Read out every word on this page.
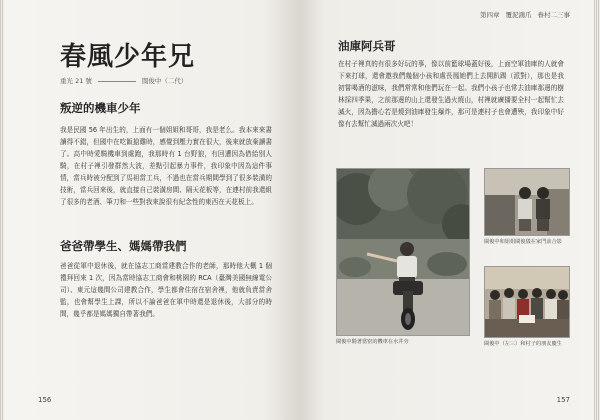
春風少年兄
重光 21 號	閩俊中（二代）
叛逆的機車少年

我是民國 56 年出生的，上面有一個姐姐和哥哥，我是老么。我本來來書讀得不錯，但國中在吃飯搶雞時，感覺到壓力實在很大，後來就放棄讀書了。高中時愛騎機車到處跑，我那時有 1 台野狼，有回遭因為借給別人騎，在村子裡引發群然大波，差點引起暴力事件，我印象中因為這件事情，當兵時被分配到了馬祖當工兵，不過也在當兵期間學到了很多裝潢的技術，當兵回來後，就直接自己裝潢房間、隔天花板等，在連村前我還組了很多的老酒、筆刀和一些對我來說很有紀念性的東西在天花板上。

爸爸帶學生、媽媽帶我們

爸爸從軍中退休後，就在協志工商當建教合作的老師，那時他大概 1 個禮拜回來 1 次，因為當時協志工商會和桃園的 RCA（臺灣美國無線電公司）、東元這幾間公司建教合作，學生都會住宿在宿舍裡，他就負責當舍監，也會幫學生上課，所以不論爸爸在軍中時還是退休後，大部分的時間，幾乎都是媽媽獨自帶著我們。

156
第四章 覆泥鴻爪 眷村二三事
油庫阿兵哥

在村子裡真的有很多好玩的事，像以前籃球場蓋好後，上面空軍油庫的人就會下來打球，還會邀我們幾個小孩和處長鳳她們上去開趴踢（派對），那也是我初嘗喝酒的滋味，我們常常和他們玩在一起。我們小孩子也常去油庫那邊的樹林採四季果，之前那邊的山上還發生過火燒山，村裡就廣播要全村一起幫忙去滅火，因為擔心若是燒到油庫發生爆炸，那可是連村子也會遭殃，我印象中好像有去幫忙滅過兩次火吧！

閩俊中騎著當密的機車在水井旁
閩俊中和姐姐閩俊儀在家門前合影
閩俊中（左三）和村子的朋友慶生
157
